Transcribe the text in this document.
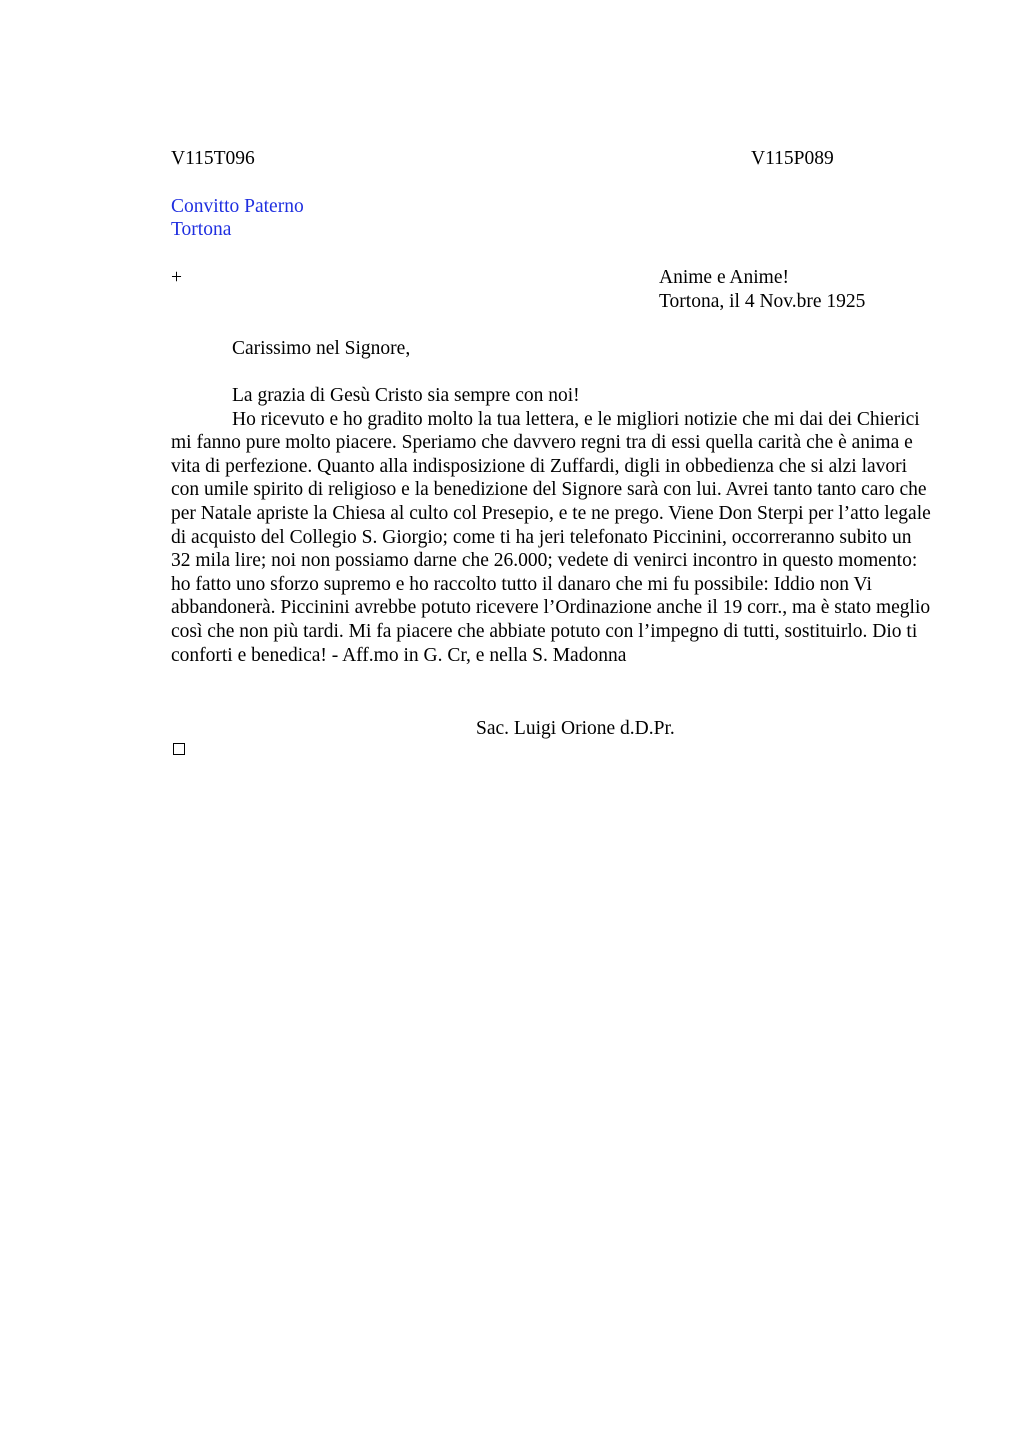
V115T096	V115P089
Convitto Paterno
Tortona
+	Anime e Anime!
Tortona, il 4 Nov.bre 1925
Carissimo nel Signore,

La grazia di Gesù Cristo sia sempre con noi!

Ho ricevuto e ho gradito molto la tua lettera, e le migliori notizie che mi dai dei Chierici mi fanno pure molto piacere. Speriamo che davvero regni tra di essi quella carità che è anima e vita di perfezione. Quanto alla indisposizione di Zuffardi, digli in obbedienza che si alzi lavori con umile spirito di religioso e la benedizione del Signore sarà con lui. Avrei tanto tanto caro che per Natale apriste la Chiesa al culto col Presepio, e te ne prego. Viene Don Sterpi per l’atto legale di acquisto del Collegio S. Giorgio; come ti ha jeri telefonato Piccinini, occorreranno subito un 32 mila lire; noi non possiamo darne che 26.000; vedete di venirci incontro in questo momento: ho fatto uno sforzo supremo e ho raccolto tutto il danaro che mi fu possibile: Iddio non Vi abbandonerà. Piccinini avrebbe potuto ricevere l’Ordinazione anche il 19 corr., ma è stato meglio così che non più tardi. Mi fa piacere che abbiate potuto con l’impegno di tutti, sostituirlo. Dio ti conforti e benedica! - Aff.mo in G. Cr, e nella S. Madonna

Sac. Luigi Orione d.D.Pr.
